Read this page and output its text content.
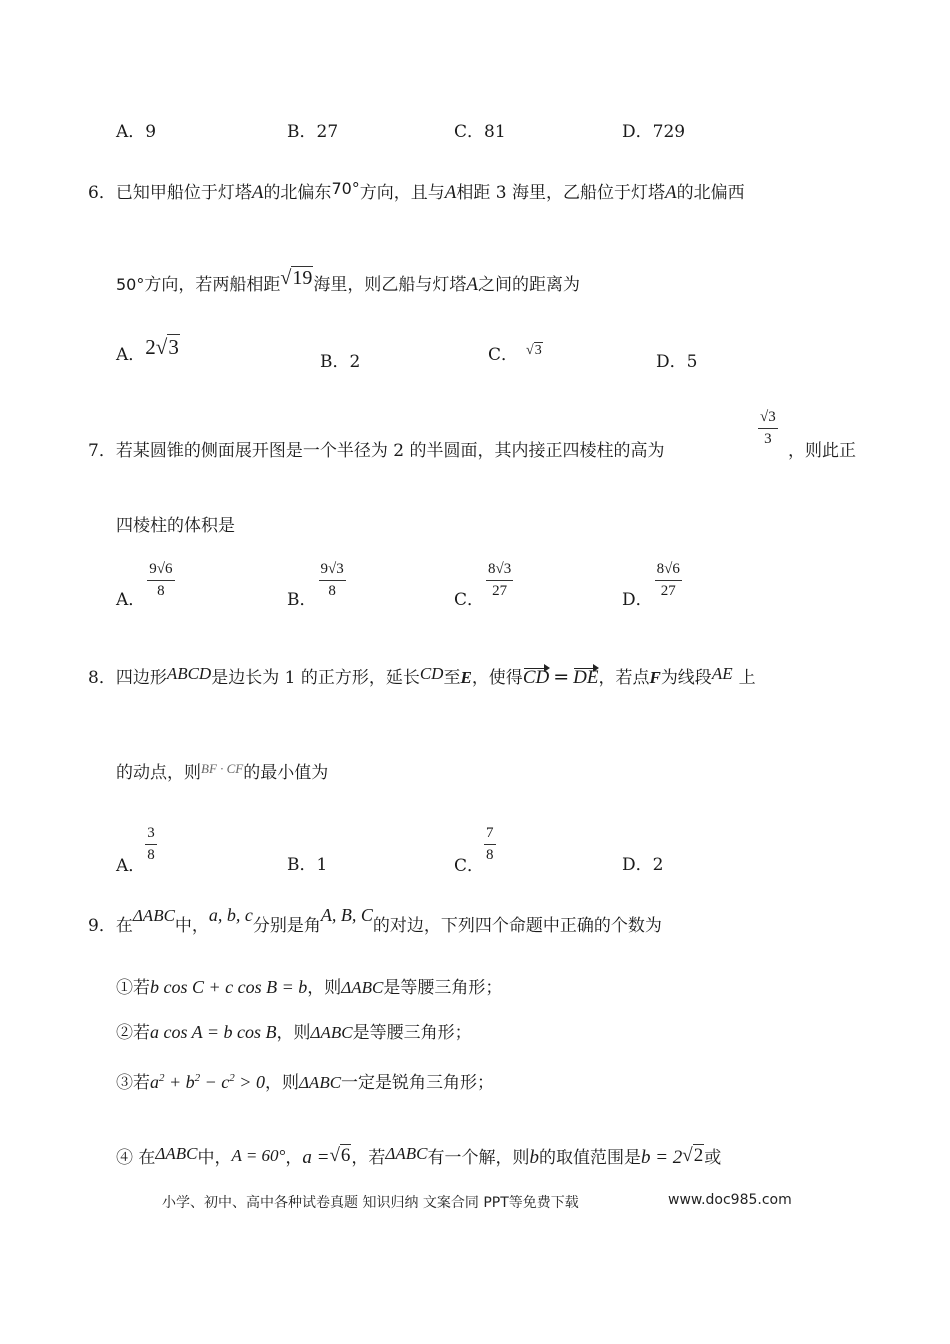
A．9	B．27	C．81	D．729
6．已知甲船位于灯塔A的北偏东70°方向，且与A相距 3 海里，乙船位于灯塔A的北偏西
50°方向，若两船相距√19海里，则乙船与灯塔A之间的距离为
A．2√3
B．2	C． $^{√3}$
D．5
7．若某圆锥的侧面展开图是一个半径为 2 的半圆面，其内接正四棱柱的高为
$\frac{√3}{3}$
，则此正
四棱柱的体积是
A．
$\frac{9√6}{8}$
B．
$\frac{9√3}{8}$
C．
$\frac{8√3}{27}$
D．
$\frac{8√6}{27}$
8．四边形ABCD是边长为 1 的正方形，延长CD至E，使得CD = DE，若点F为线段AE 上
的动点，则$^{BF \cdot CF}$的最小值为
A．
$\frac{3}{8}$
B．1	C．
$\frac{7}{8}$
D．2
9．在ΔABC中，a, b, c分别是角A, B, C的对边，下列四个命题中正确的个数为
①若b cos C + c cos B = b，则ΔABC是等腰三角形；
②若a cos A = b cos B，则ΔABC是等腰三角形；
③若$a^2 + b^2 - c^2 > 0$，则ΔABC一定是锐角三角形；
④ 在ΔABC中，A = 60°，a =√6，若ΔABC有一个解，则b的取值范围是b = 2√2或
小学、初中、高中各种试卷真题 知识归纳 文案合同 PPT等免费下载	www.doc985.com
